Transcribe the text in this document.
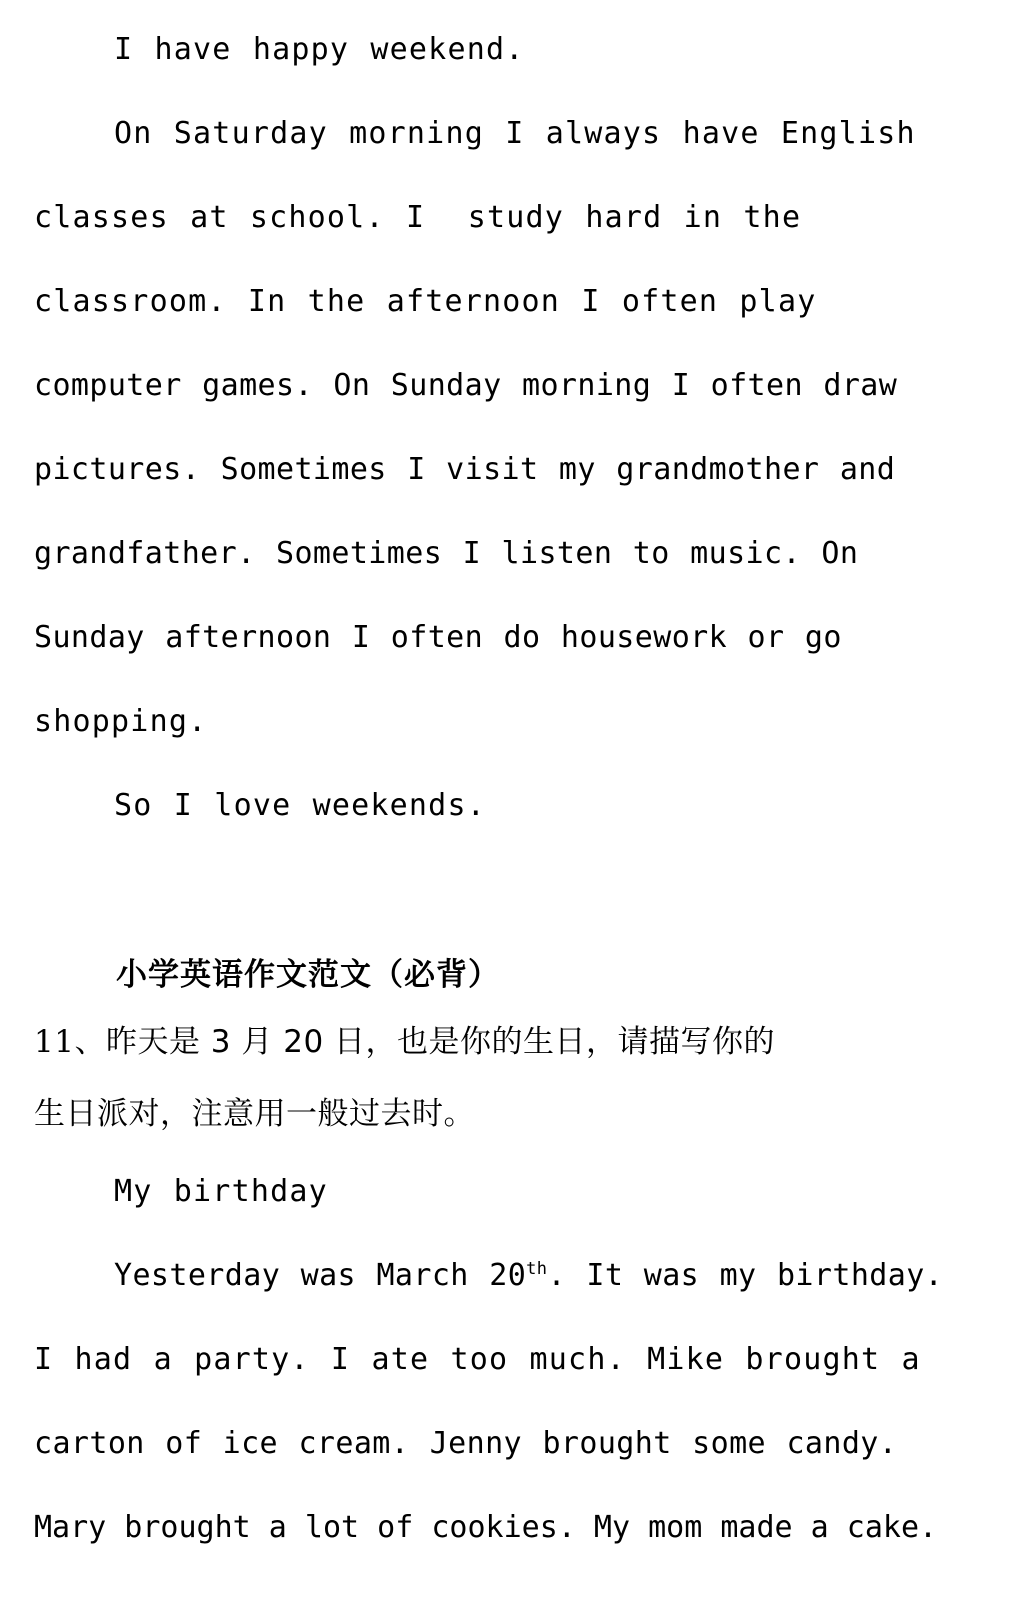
I have happy weekend.

On Saturday morning I always have English

classes at school. I  study hard in the

classroom. In the afternoon I often play

computer games. On Sunday morning I often draw

pictures. Sometimes I visit my grandmother and

grandfather. Sometimes I listen to music. On

Sunday afternoon I often do housework or go

shopping.

So I love weekends.

小学英语作文范文（必背）

11、昨天是 3 月 20 日，也是你的生日，请描写你的

生日派对，注意用一般过去时。

My birthday

Yesterday was March 20th. It was my birthday.

I had a party. I ate too much. Mike brought a

carton of ice cream. Jenny brought some candy.

Mary brought a lot of cookies. My mom made a cake.
